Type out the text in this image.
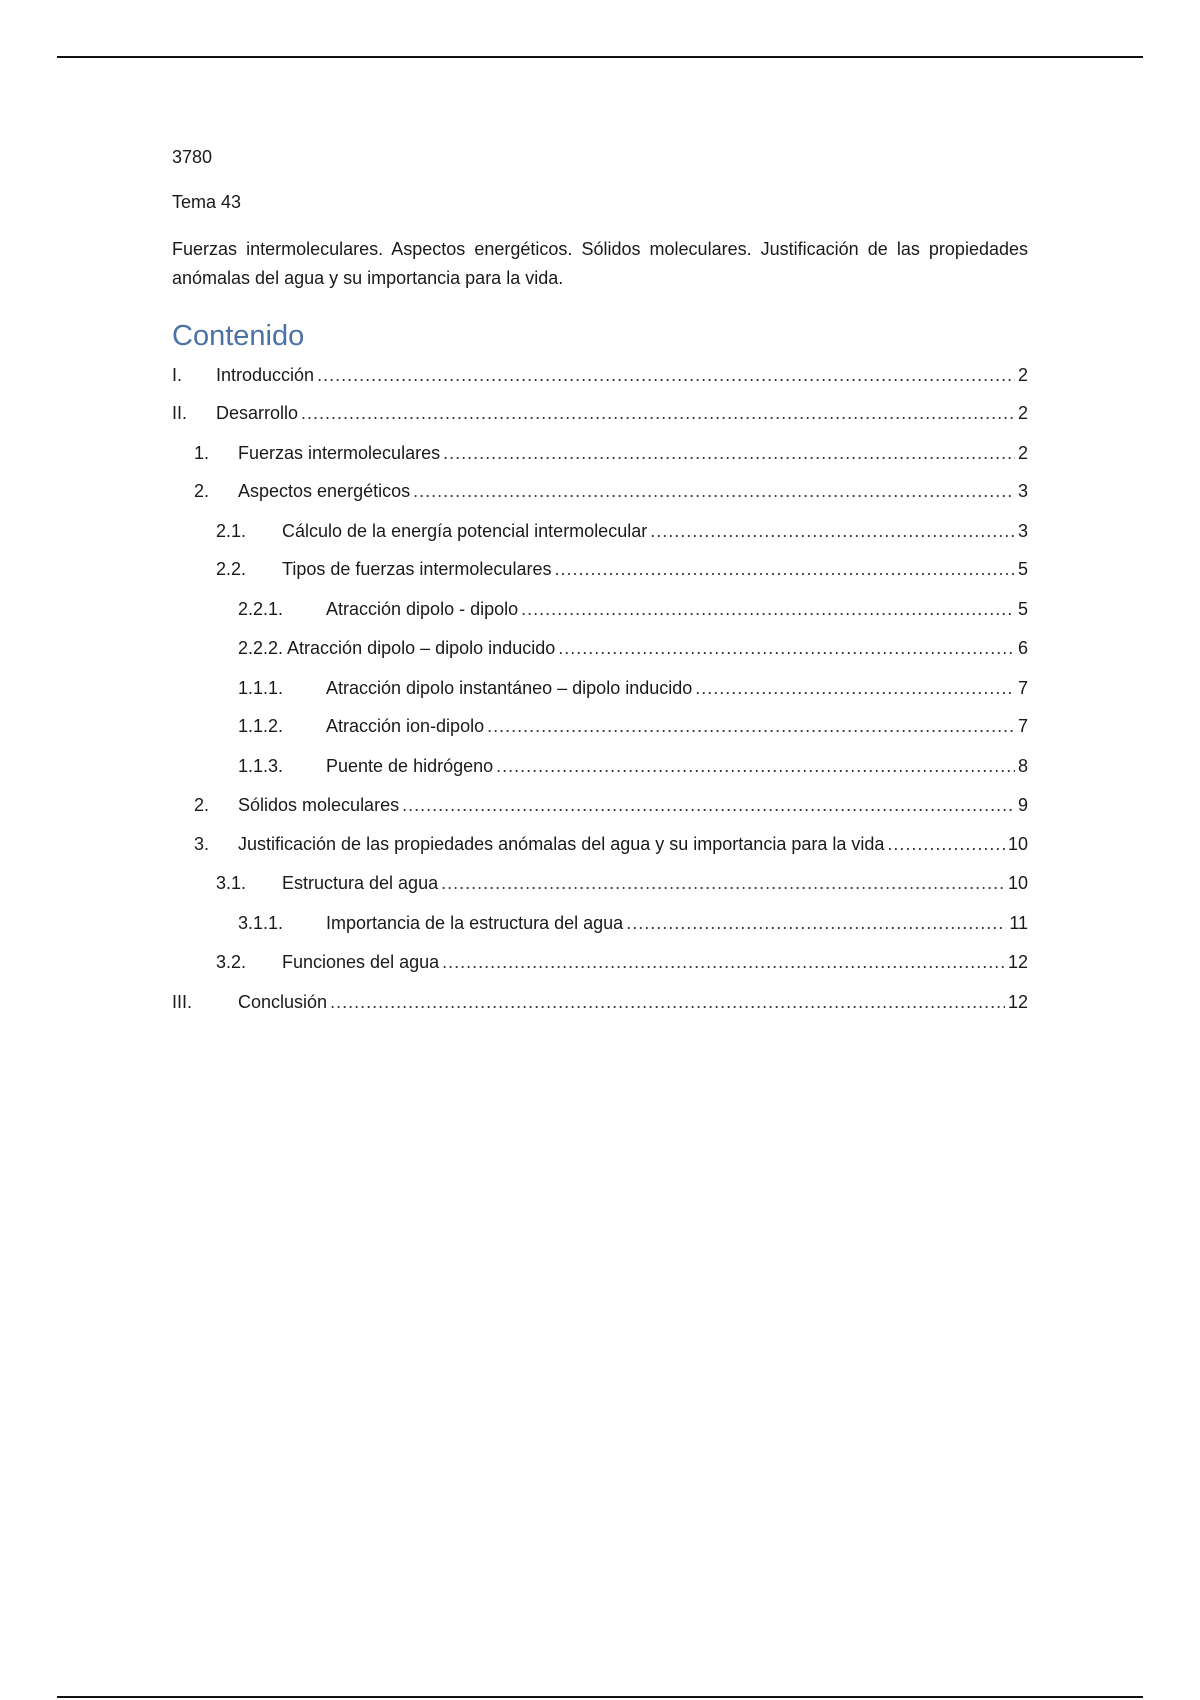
3780
Tema 43

Fuerzas intermoleculares. Aspectos energéticos. Sólidos moleculares. Justificación de las propiedades anómalas del agua y su importancia para la vida.

Contenido
I.	Introducción .....	2
II.	Desarrollo .....	2
1.	Fuerzas intermoleculares .....	2
2.	Aspectos energéticos .....	3
2.1.	Cálculo de la energía potencial intermolecular .....	3
2.2.	Tipos de fuerzas intermoleculares .....	5
2.2.1.	Atracción dipolo - dipolo .....	5
2.2.2. Atracción dipolo – dipolo inducido .....	6
1.1.1.	Atracción dipolo instantáneo – dipolo inducido .....	7
1.1.2.	Atracción ion-dipolo .....	7
1.1.3.	Puente de hidrógeno .....	8
2.	Sólidos moleculares .....	9
3.	Justificación de las propiedades anómalas del agua y su importancia para la vida .....	10
3.1.	Estructura del agua .....	10
3.1.1.	Importancia de la estructura del agua .....	11
3.2.	Funciones del agua .....	12
III.	Conclusión .....	12
